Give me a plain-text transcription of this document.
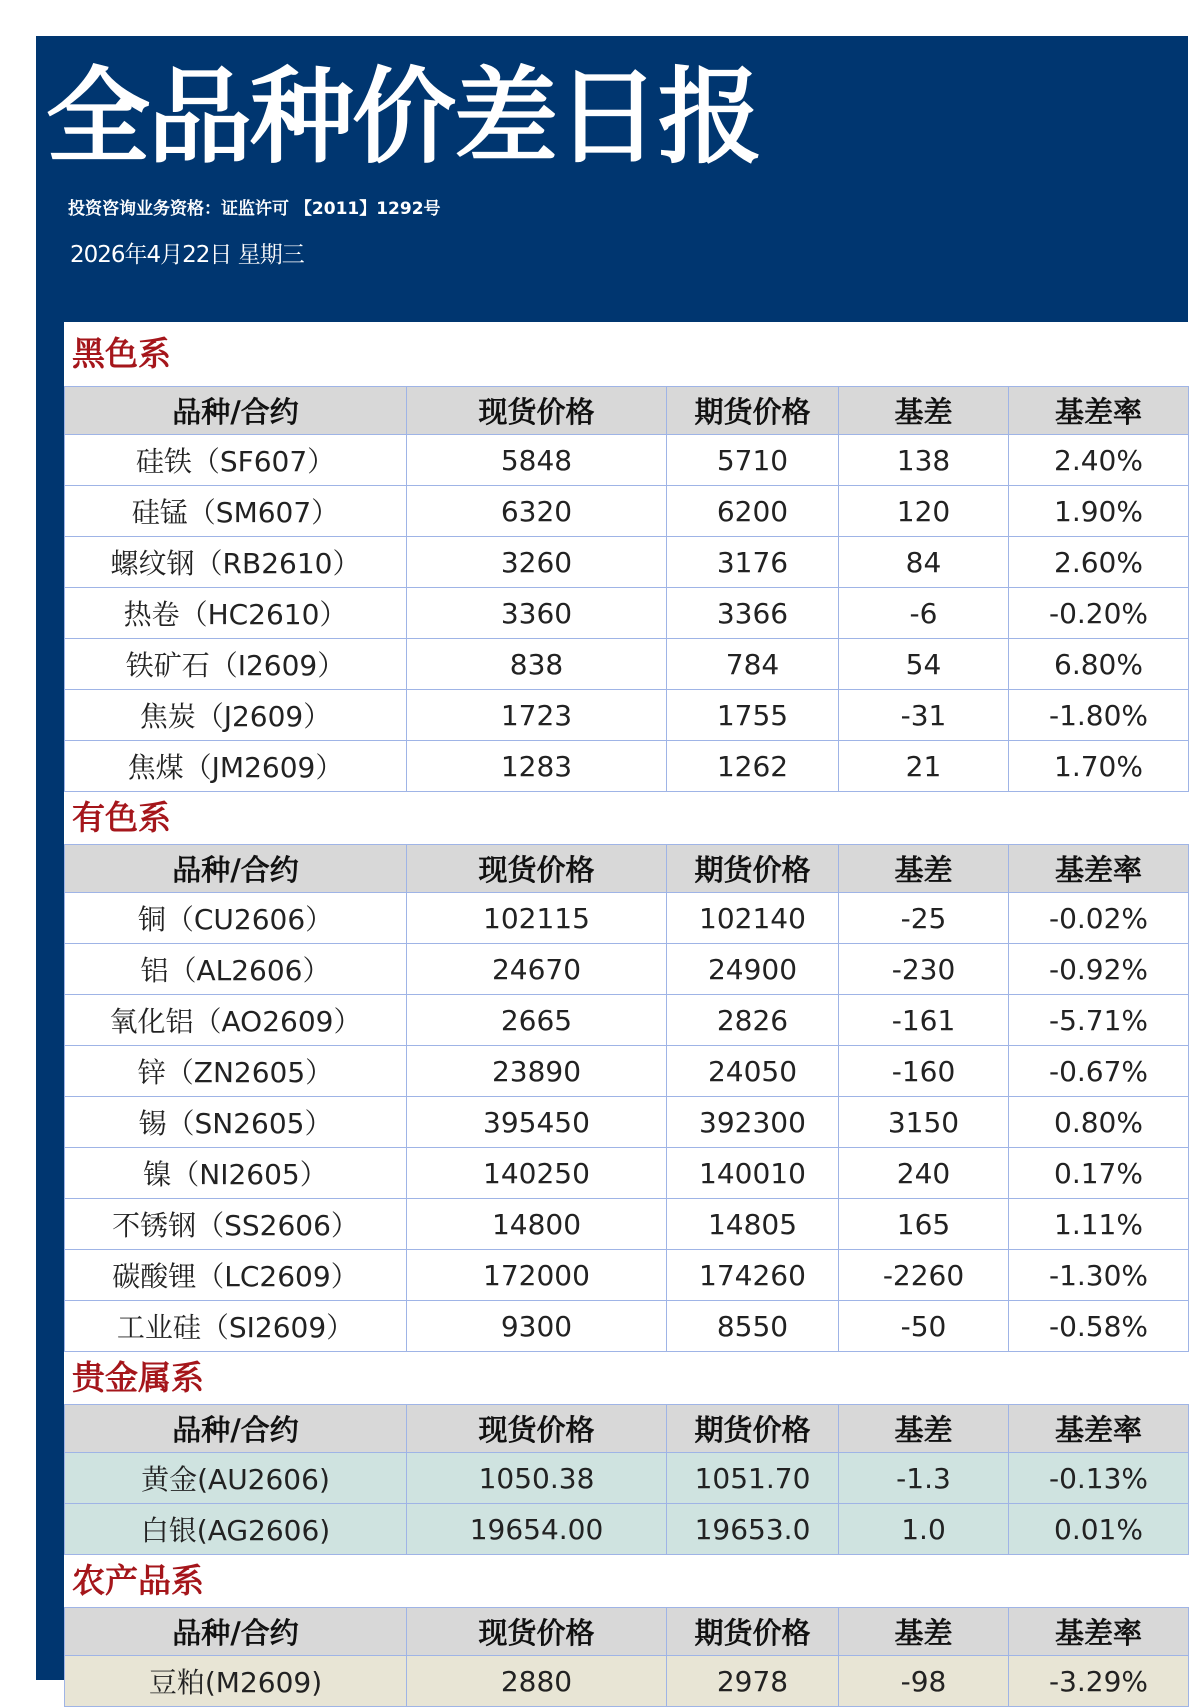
全品种价差日报
投资咨询业务资格：证监许可 【2011】1292号
2026年4月22日 星期三
黑色系
品种/合约	现货价格	期货价格	基差	基差率
硅铁（SF607）	5848	5710	138	2.40%
硅锰（SM607）	6320	6200	120	1.90%
螺纹钢（RB2610）	3260	3176	84	2.60%
热卷（HC2610）	3360	3366	-6	-0.20%
铁矿石（I2609）	838	784	54	6.80%
焦炭（J2609）	1723	1755	-31	-1.80%
焦煤（JM2609）	1283	1262	21	1.70%
有色系
品种/合约	现货价格	期货价格	基差	基差率
铜（CU2606）	102115	102140	-25	-0.02%
铝（AL2606）	24670	24900	-230	-0.92%
氧化铝（AO2609）	2665	2826	-161	-5.71%
锌（ZN2605）	23890	24050	-160	-0.67%
锡（SN2605）	395450	392300	3150	0.80%
镍（NI2605）	140250	140010	240	0.17%
不锈钢（SS2606）	14800	14805	165	1.11%
碳酸锂（LC2609）	172000	174260	-2260	-1.30%
工业硅（SI2609）	9300	8550	-50	-0.58%
贵金属系
品种/合约	现货价格	期货价格	基差	基差率
黄金(AU2606)	1050.38	1051.70	-1.3	-0.13%
白银(AG2606)	19654.00	19653.0	1.0	0.01%
农产品系
品种/合约	现货价格	期货价格	基差	基差率
豆粕(M2609)	2880	2978	-98	-3.29%
